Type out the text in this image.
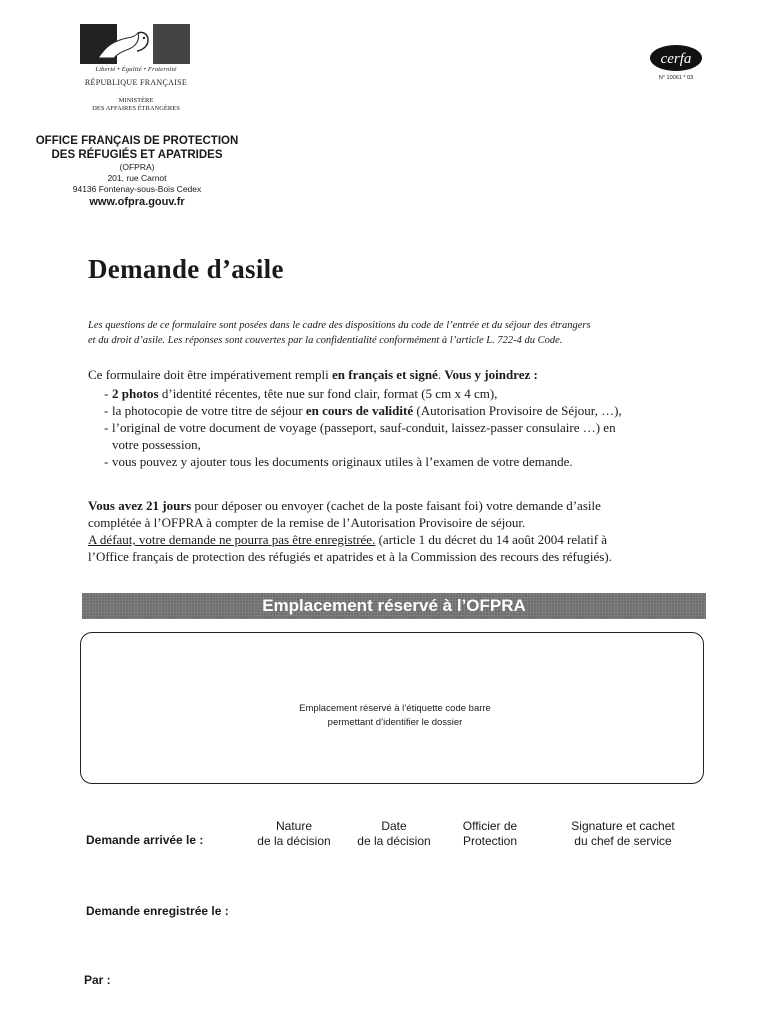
Liberté • Égalité • Fraternité
RÉPUBLIQUE FRANÇAISE
MINISTÈRE
DES AFFAIRES ÉTRANGÈRES
OFFICE FRANÇAIS DE PROTECTION
DES RÉFUGIÉS ET APATRIDES
(OFPRA)
201, rue Carnot
94136 Fontenay-sous-Bois Cedex
www.ofpra.gouv.fr
cerfa
N° 10061 * 03
Demande d’asile
Les questions de ce formulaire sont posées dans le cadre des dispositions du code de l’entrée et du séjour des étrangers
et du droit d’asile. Les réponses sont couvertes par la confidentialité conformément à l’article L. 722-4 du Code.

Ce formulaire doit être impérativement rempli en français et signé. Vous y joindrez :

- 2 photos d’identité récentes, tête nue sur fond clair, format (5 cm x 4 cm),
- la photocopie de votre titre de séjour en cours de validité (Autorisation Provisoire de Séjour, …),
- l’original de votre document de voyage (passeport, sauf-conduit, laissez-passer consulaire …) en
votre possession,
- vous pouvez y ajouter tous les documents originaux utiles à l’examen de votre demande.
Vous avez 21 jours pour déposer ou envoyer (cachet de la poste faisant foi) votre demande d’asile
complétée à l’OFPRA à compter de la remise de l’Autorisation Provisoire de séjour.
A défaut, votre demande ne pourra pas être enregistrée. (article 1 du décret du 14 août 2004 relatif à
l’Office français de protection des réfugiés et apatrides et à la Commission des recours des réfugiés).
Emplacement réservé à l’OFPRA
Emplacement réservé à l’étiquette code barre
permettant d’identifier le dossier
Demande arrivée le :
Nature
de la décision
Date
de la décision
Officier de
Protection
Signature et cachet
du chef de service
Demande enregistrée le :
Par :
